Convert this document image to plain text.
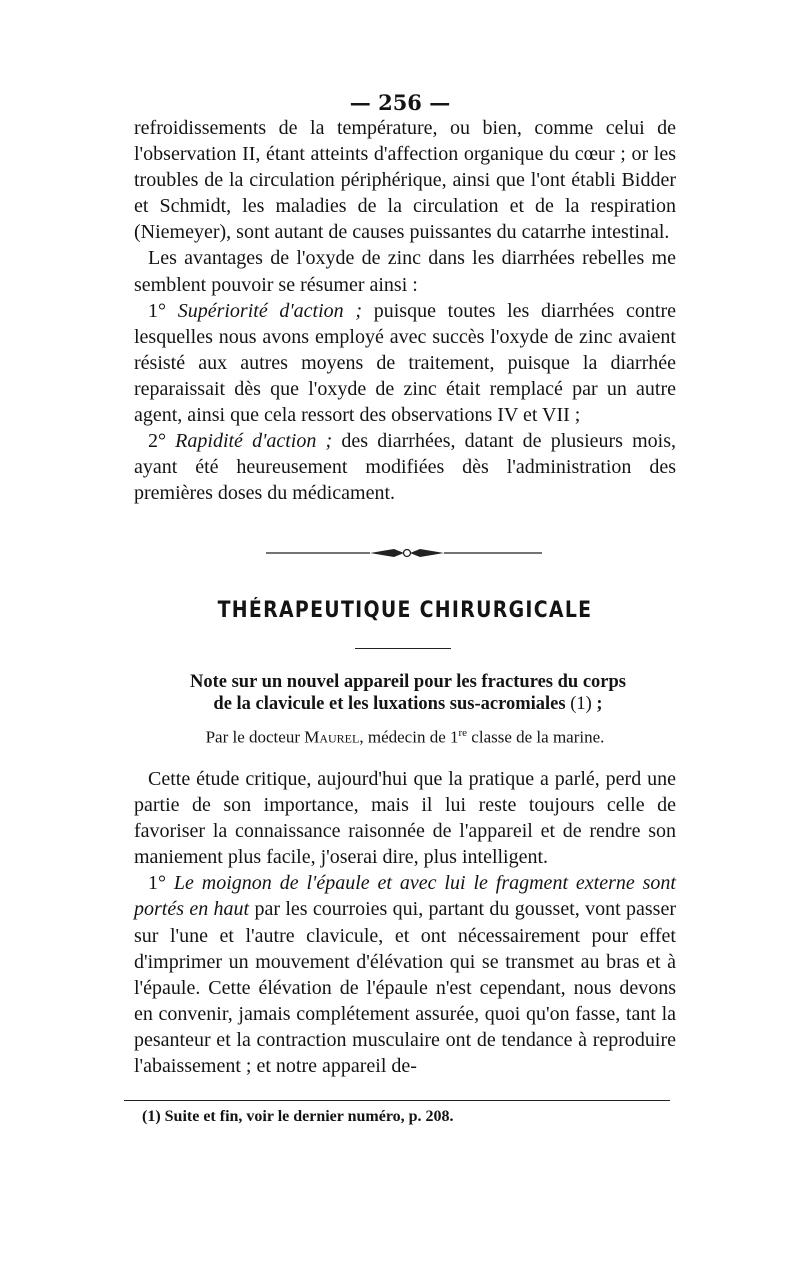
— 256 —

refroidissements de la température, ou bien, comme celui de l'observation II, étant atteints d'affection organique du cœur ; or les troubles de la circulation périphérique, ainsi que l'ont établi Bidder et Schmidt, les maladies de la circulation et de la respiration (Niemeyer), sont autant de causes puissantes du catarrhe intestinal.

Les avantages de l'oxyde de zinc dans les diarrhées rebelles me semblent pouvoir se résumer ainsi :

1° Supériorité d'action ; puisque toutes les diarrhées contre lesquelles nous avons employé avec succès l'oxyde de zinc avaient résisté aux autres moyens de traitement, puisque la diarrhée reparaissait dès que l'oxyde de zinc était remplacé par un autre agent, ainsi que cela ressort des observations IV et VII ;

2° Rapidité d'action ; des diarrhées, datant de plusieurs mois, ayant été heureusement modifiées dès l'administration des premières doses du médicament.

THÉRAPEUTIQUE CHIRURGICALE
Note sur un nouvel appareil pour les fractures du corps
de la clavicule et les luxations sus-acromiales (1) ;
Par le docteur Maurel, médecin de 1re classe de la marine.

Cette étude critique, aujourd'hui que la pratique a parlé, perd une partie de son importance, mais il lui reste toujours celle de favoriser la connaissance raisonnée de l'appareil et de rendre son maniement plus facile, j'oserai dire, plus intelligent.

1° Le moignon de l'épaule et avec lui le fragment externe sont portés en haut par les courroies qui, partant du gousset, vont passer sur l'une et l'autre clavicule, et ont nécessairement pour effet d'imprimer un mouvement d'élévation qui se transmet au bras et à l'épaule. Cette élévation de l'épaule n'est cependant, nous devons en convenir, jamais complétement assurée, quoi qu'on fasse, tant la pesanteur et la contraction musculaire ont de tendance à reproduire l'abaissement ; et notre appareil de-

(1) Suite et fin, voir le dernier numéro, p. 208.
